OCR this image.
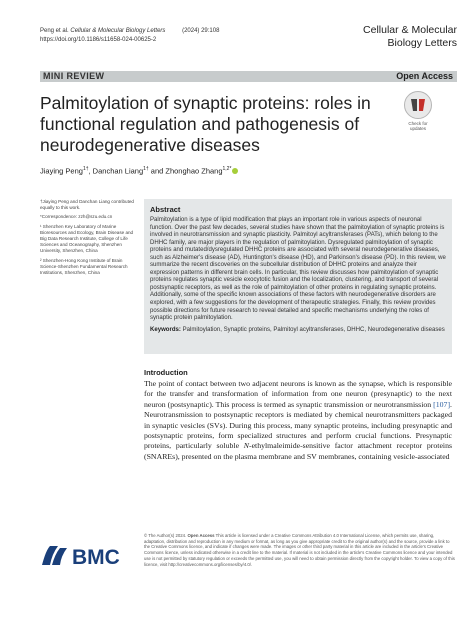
Peng et al. Cellular & Molecular Biology Letters          (2024) 29:108
https://doi.org/10.1186/s11658-024-00625-2
Cellular & Molecular
Biology Letters
MINI REVIEW	Open Access
Palmitoylation of synaptic proteins: roles in functional regulation and pathogenesis of neurodegenerative diseases
Check for
updates
Jiaying Peng$^{1\dagger}$, Danchan Liang$^{1\dagger}$ and Zhonghao Zhang$^{1,2*}$

†Jiaying Peng and Danchan Liang contributed equally to this work.

*Correspondence: zzh@szu.edu.cn

¹ Shenzhen Key Laboratory of Marine Bioresources and Ecology, Brain Disease and Big Data Research Institute, College of Life Sciences and Oceanography, Shenzhen University, Shenzhen, China

² Shenzhen-Hong Kong Institute of Brain Science-Shenzhen Fundamental Research Institutions, Shenzhen, China

Abstract

Palmitoylation is a type of lipid modification that plays an important role in various aspects of neuronal function. Over the past few decades, several studies have shown that the palmitoylation of synaptic proteins is involved in neurotransmission and synaptic plasticity. Palmitoyl acyltransferases (PATs), which belong to the DHHC family, are major players in the regulation of palmitoylation. Dysregulated palmitoylation of synaptic proteins and mutated/dysregulated DHHC proteins are associated with several neurodegenerative diseases, such as Alzheimer's disease (AD), Huntington's disease (HD), and Parkinson's disease (PD). In this review, we summarize the recent discoveries on the subcellular distribution of DHHC proteins and analyze their expression patterns in different brain cells. In particular, this review discusses how palmitoylation of synaptic proteins regulates synaptic vesicle exocytotic fusion and the localization, clustering, and transport of several postsynaptic receptors, as well as the role of palmitoylation of other proteins in regulating synaptic proteins. Additionally, some of the specific known associations of these factors with neurodegenerative disorders are explored, with a few suggestions for the development of therapeutic strategies. Finally, this review provides possible directions for future research to reveal detailed and specific mechanisms underlying the roles of synaptic protein palmitoylation.

Keywords: Palmitoylation, Synaptic proteins, Palmitoyl acyltransferases, DHHC, Neurodegenerative diseases
Introduction

The point of contact between two adjacent neurons is known as the synapse, which is responsible for the transfer and transformation of information from one neuron (presynaptic) to the next neuron (postsynaptic). This process is termed as synaptic transmission or neurotransmission [107]. Neurotransmission to postsynaptic receptors is mediated by chemical neurotransmitters packaged in synaptic vesicles (SVs). During this process, many synaptic proteins, including presynaptic and postsynaptic proteins, form specialized structures and perform crucial functions. Presynaptic proteins, particularly soluble N-ethylmaleimide-sensitive factor attachment receptor proteins (SNAREs), presented on the plasma membrane and SV membranes, containing vesicle-associated

BMC

© The Author(s) 2024. Open Access This article is licensed under a Creative Commons Attribution 4.0 International License, which permits use, sharing, adaptation, distribution and reproduction in any medium or format, as long as you give appropriate credit to the original author(s) and the source, provide a link to the Creative Commons licence, and indicate if changes were made. The images or other third party material in this article are included in the article's Creative Commons licence, unless indicated otherwise in a credit line to the material. If material is not included in the article's Creative Commons licence and your intended use is not permitted by statutory regulation or exceeds the permitted use, you will need to obtain permission directly from the copyright holder. To view a copy of this licence, visit http://creativecommons.org/licenses/by/4.0/.
